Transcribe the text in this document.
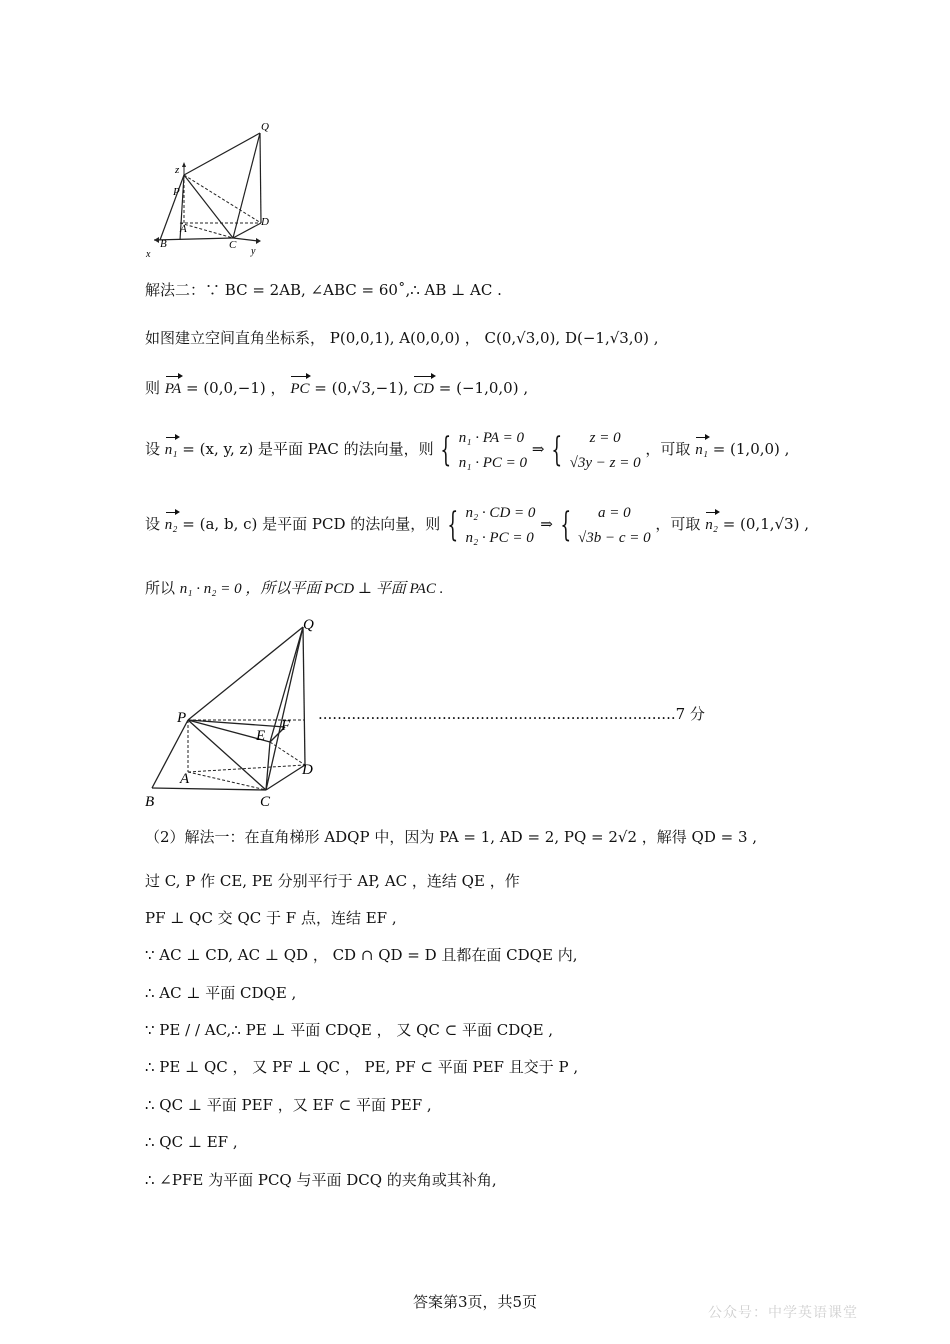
Q
z
P
A
D
B	C
x	y
解法二：∵ BC = 2AB, ∠ABC = 60˚,∴ AB ⊥ AC .
如图建立空间直角坐标系， P(0,0,1), A(0,0,0) ， C(0,√3,0), D(−1,√3,0) ,
则 PA = (0,0,−1) ， PC = (0,√3,−1), CD = (−1,0,0) ,
设 n₁ = (x, y, z) 是平面 PAC 的法向量，则 { n₁ · PA = 0
n₁ · PC = 0 ⇒ { z = 0
√3y − z = 0 ，可取 n₁ = (1,0,0) ,
设 n₂ = (a, b, c) 是平面 PCD 的法向量，则 { n₂ · CD = 0
n₂ · PC = 0 ⇒ { a = 0
√3b − c = 0 ，可取 n₂ = (0,1,√3) ,
所以 n₁ · n₂ = 0 ，所以平面 PCD ⊥ 平面 PAC .
Q
P	F
E
A
D
B	C
...........................................................................7 分
（2）解法一：在直角梯形 ADQP 中，因为 PA = 1, AD = 2, PQ = 2√2 ，解得 QD = 3 ,
过 C, P 作 CE, PE 分别平行于 AP, AC ，连结 QE ，作
PF ⊥ QC 交 QC 于 F 点，连结 EF ,
∵ AC ⊥ CD, AC ⊥ QD ， CD ∩ QD = D 且都在面 CDQE 内,
∴ AC ⊥ 平面 CDQE ,
∵ PE / / AC,∴ PE ⊥ 平面 CDQE ， 又 QC ⊂ 平面 CDQE ,
∴ PE ⊥ QC ， 又 PF ⊥ QC ， PE, PF ⊂ 平面 PEF 且交于 P ,
∴ QC ⊥ 平面 PEF ，又 EF ⊂ 平面 PEF ,
∴ QC ⊥ EF ,
∴ ∠PFE 为平面 PCQ 与平面 DCQ 的夹角或其补角,
答案第3页，共5页
公众号：中学英语课堂
